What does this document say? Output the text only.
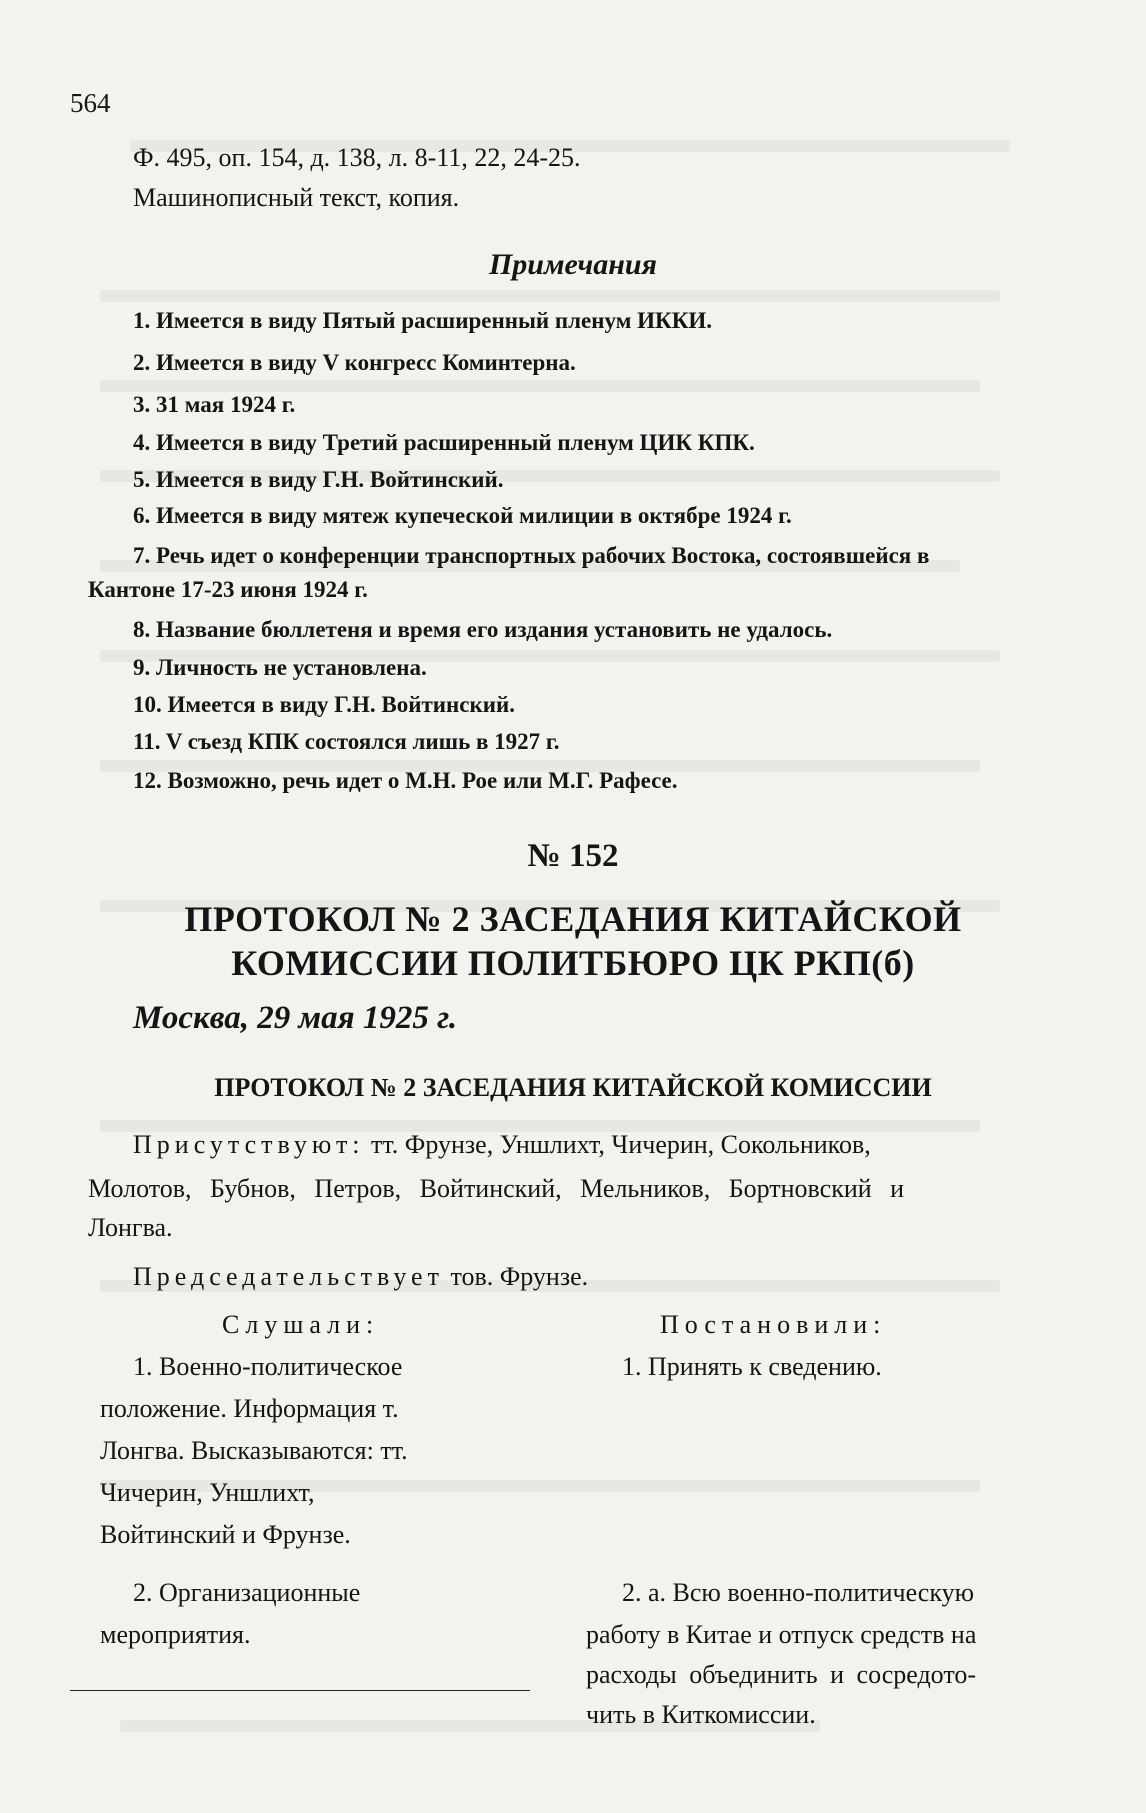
564
Ф. 495, оп. 154, д. 138, л. 8-11, 22, 24-25.
Машинописный текст, копия.
Примечания
1. Имеется в виду Пятый расширенный пленум ИККИ.
2. Имеется в виду V конгресс Коминтерна.
3. 31 мая 1924 г.
4. Имеется в виду Третий расширенный пленум ЦИК КПК.
5. Имеется в виду Г.Н. Войтинский.
6. Имеется в виду мятеж купеческой милиции в октябре 1924 г.
7. Речь идет о конференции транспортных рабочих Востока, состоявшейся в
Кантоне 17-23 июня 1924 г.
8. Название бюллетеня и время его издания установить не удалось.
9. Личность не установлена.
10. Имеется в виду Г.Н. Войтинский.
11. V съезд КПК состоялся лишь в 1927 г.
12. Возможно, речь идет о М.Н. Рое или М.Г. Рафесе.
№ 152
ПРОТОКОЛ № 2 ЗАСЕДАНИЯ КИТАЙСКОЙ
КОМИССИИ ПОЛИТБЮРО ЦК РКП(б)
Москва, 29 мая 1925 г.
ПРОТОКОЛ № 2 ЗАСЕДАНИЯ КИТАЙСКОЙ КОМИССИИ
Присутствуют: тт. Фрунзе, Уншлихт, Чичерин, Сокольников,
Молотов, Бубнов, Петров, Войтинский, Мельников, Бортновский и
Лонгва.
Председательствует тов. Фрунзе.
Слушали:	Постановили:
1. Военно-политическое
положение. Информация т.
Лонгва. Высказываются: тт.
Чичерин, Уншлихт,
Войтинский и Фрунзе.
1. Принять к сведению.
2. Организационные
мероприятия.
2. а. Всю военно-политическую
работу в Китае и отпуск средств на
расходы объединить и сосредото-
чить в Киткомиссии.
